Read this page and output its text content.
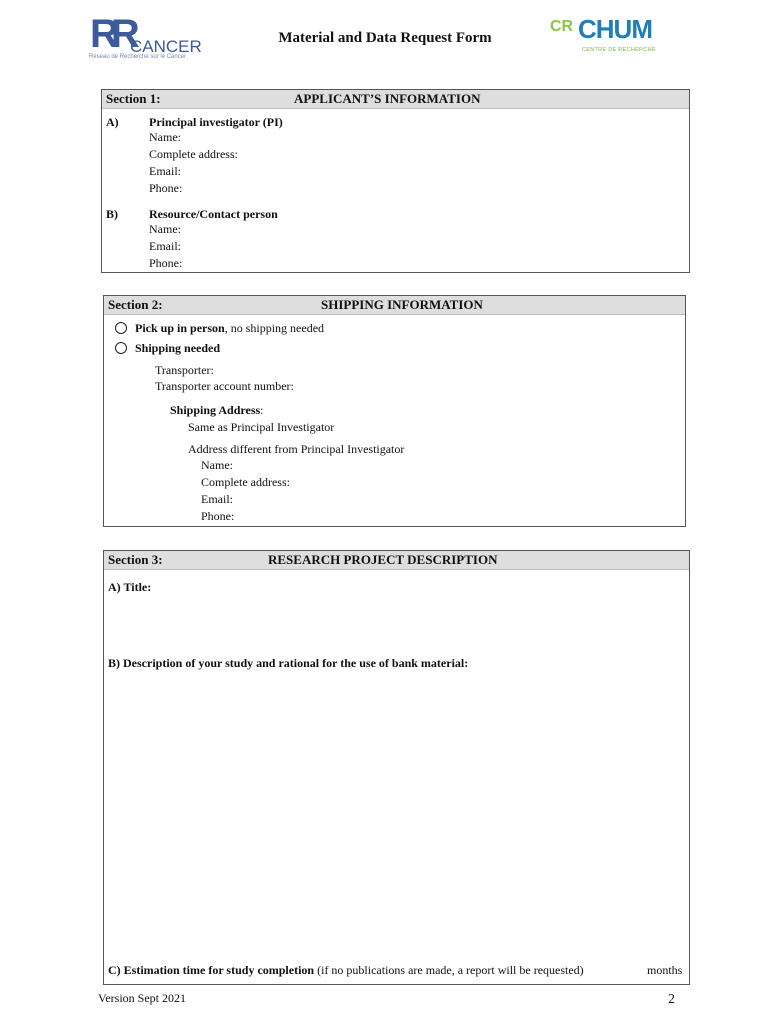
RR
CANCER
Réseau de Recherche sur le Cancer
Material and Data Request Form
CR CHUM
CENTRE DE RECHERCHE
Section 1:	APPLICANT’S INFORMATION
A)	Principal investigator (PI)
Name:
Complete address:
Email:
Phone:
B)	Resource/Contact person
Name:
Email:
Phone:
Section 2:	SHIPPING INFORMATION
Pick up in person, no shipping needed
Shipping needed
Transporter:
Transporter account number:
Shipping Address:
Same as Principal Investigator
Address different from Principal Investigator
Name:
Complete address:
Email:
Phone:
Section 3:	RESEARCH PROJECT DESCRIPTION
A) Title:
B) Description of your study and rational for the use of bank material:
C) Estimation time for study completion (if no publications are made, a report will be requested)	months
Version Sept 2021	2
